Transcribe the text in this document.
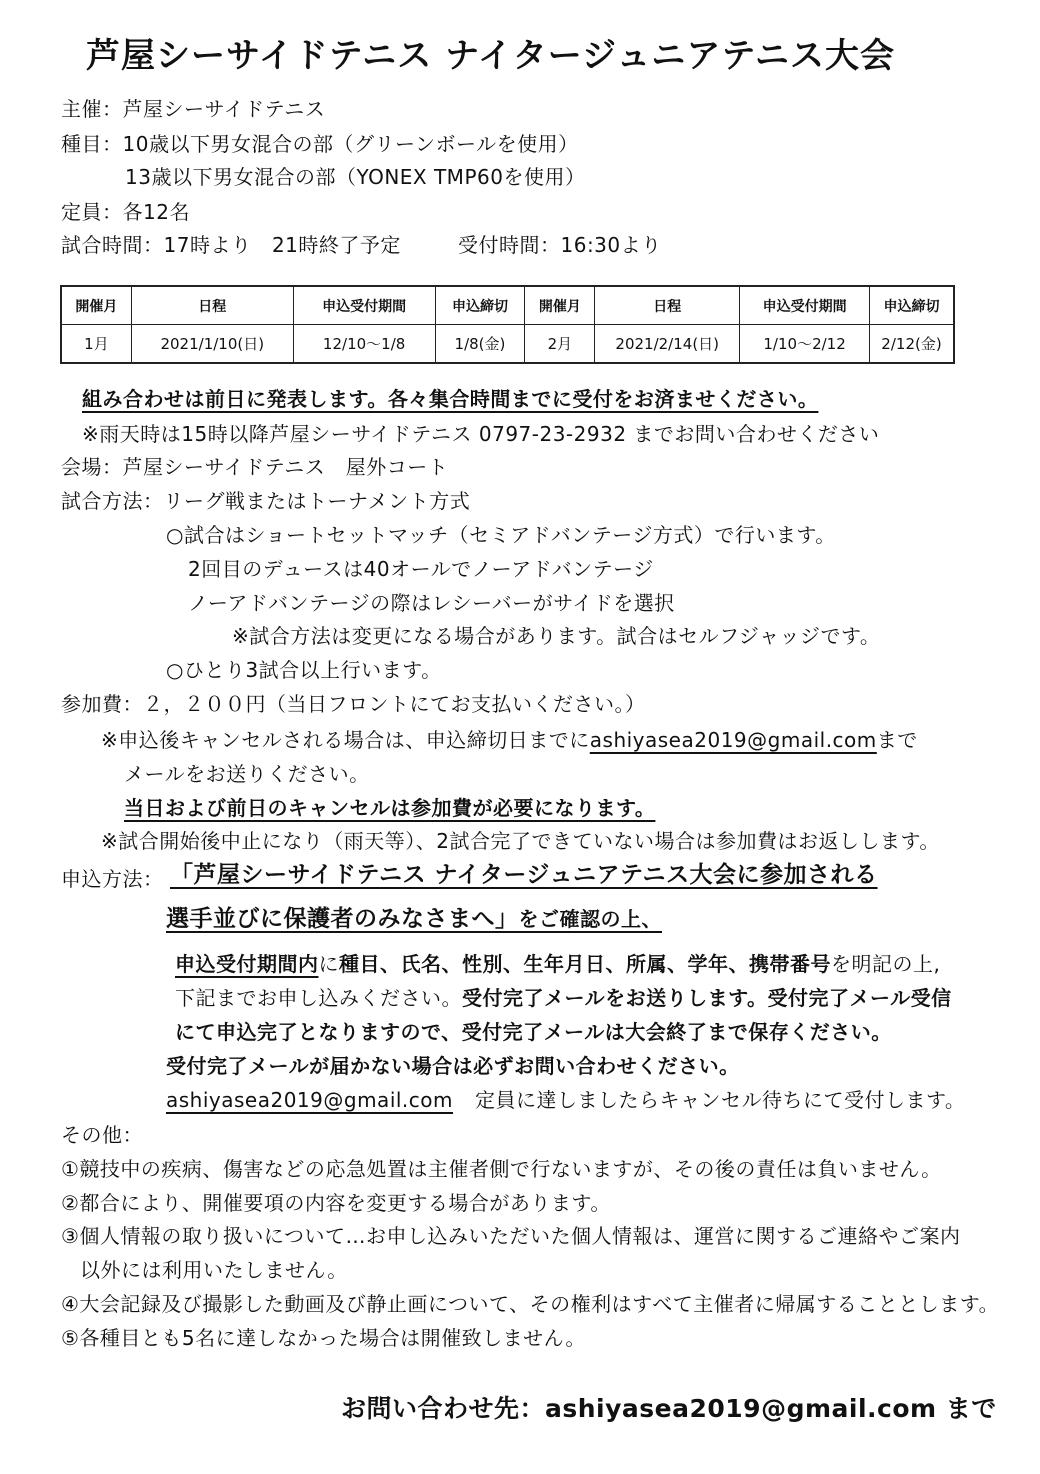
芦屋シーサイドテニス ナイタージュニアテニス大会
主催：芦屋シーサイドテニス
種目：10歳以下男女混合の部（グリーンボールを使用）
13歳以下男女混合の部（YONEX TMP60を使用）
定員：各12名
試合時間：17時より　21時終了予定	受付時間：16:30より
開催月	日程	申込受付期間	申込締切	開催月	日程	申込受付期間	申込締切
1月	2021/1/10(日)	12/10〜1/8	1/8(金)	2月	2021/2/14(日)	1/10〜2/12	2/12(金)
組み合わせは前日に発表します。各々集合時間までに受付をお済ませください。
※雨天時は15時以降芦屋シーサイドテニス 0797-23-2932 までお問い合わせください
会場：芦屋シーサイドテニス　屋外コート
試合方法：リーグ戦またはトーナメント方式
○試合はショートセットマッチ（セミアドバンテージ方式）で行います。
2回目のデュースは40オールでノーアドバンテージ
ノーアドバンテージの際はレシーバーがサイドを選択
※試合方法は変更になる場合があります。試合はセルフジャッジです。
○ひとり3試合以上行います。
参加費：２，２００円（当日フロントにてお支払いください。）
※申込後キャンセルされる場合は、申込締切日までにashiyasea2019@gmail.comまで
メールをお送りください。
当日および前日のキャンセルは参加費が必要になります。
※試合開始後中止になり（雨天等）、2試合完了できていない場合は参加費はお返しします。
申込方法： 「芦屋シーサイドテニス ナイタージュニアテニス大会に参加される
選手並びに保護者のみなさまへ」をご確認の上、
申込受付期間内に種目、氏名、性別、生年月日、所属、学年、携帯番号を明記の上,
下記までお申し込みください。受付完了メールをお送りします。受付完了メール受信
にて申込完了となりますので、受付完了メールは大会終了まで保存ください。
受付完了メールが届かない場合は必ずお問い合わせください。
ashiyasea2019@gmail.com 定員に達しましたらキャンセル待ちにて受付します。
その他：
①競技中の疾病、傷害などの応急処置は主催者側で行ないますが、その後の責任は負いません。
②都合により、開催要項の内容を変更する場合があります。
③個人情報の取り扱いについて…お申し込みいただいた個人情報は、運営に関するご連絡やご案内
以外には利用いたしません。
④大会記録及び撮影した動画及び静止画について、その権利はすべて主催者に帰属することとします。
⑤各種目とも5名に達しなかった場合は開催致しません。
お問い合わせ先：ashiyasea2019@gmail.com まで
